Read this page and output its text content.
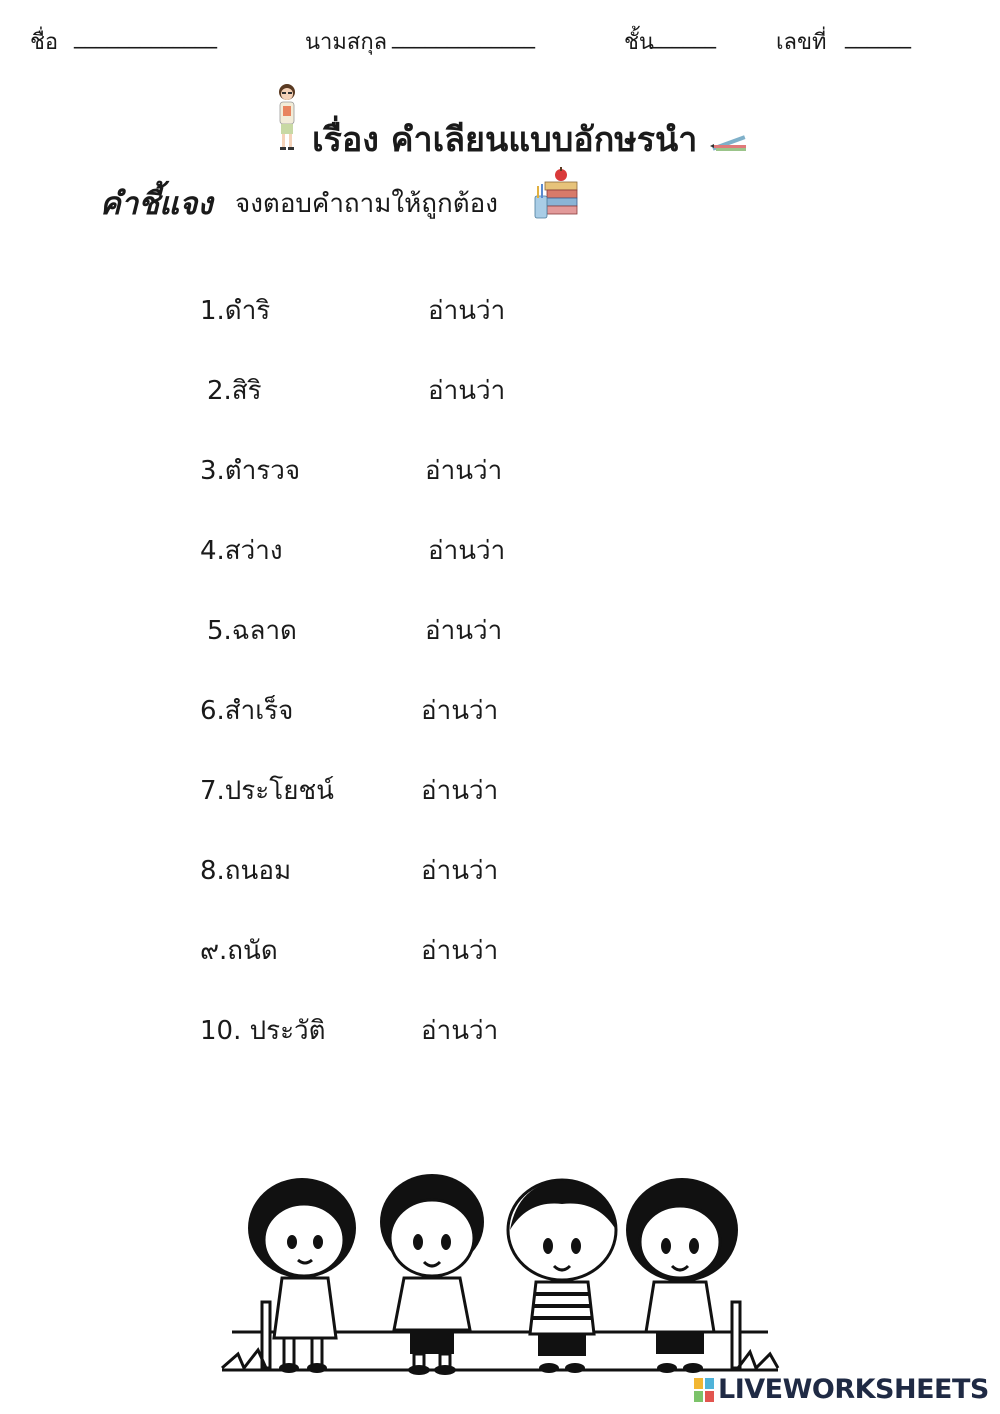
ชื่อ _____________	นามสกุล _____________	ชั้น
______	เลขที่ ______
เรื่อง คำเลียนแบบอักษรนำ
คำชี้แจง จงตอบคำถามให้ถูกต้อง
1.ดำริ	อ่านว่า
2.สิริ	อ่านว่า
3.ตำรวจ	อ่านว่า
4.สว่าง	อ่านว่า
5.ฉลาด	อ่านว่า
6.สำเร็จ	อ่านว่า
7.ประโยชน์	อ่านว่า
8.ถนอม	อ่านว่า
๙.ถนัด	อ่านว่า
10. ประวัติ	อ่านว่า
LIVEWORKSHEETS
